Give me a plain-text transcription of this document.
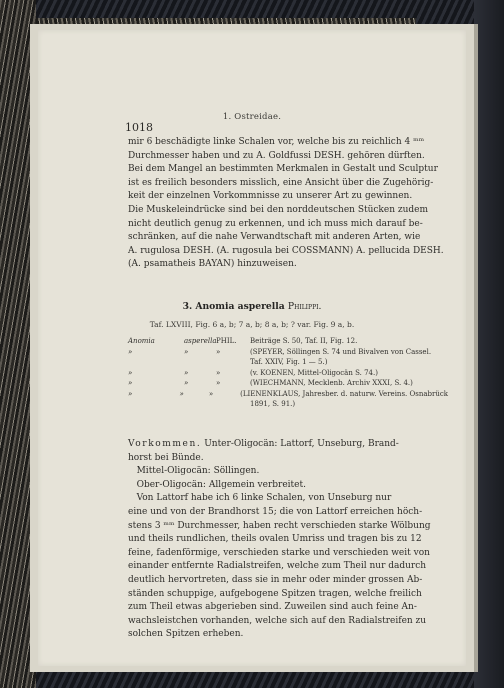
1. Ostreidae.
1018

mir 6 beschädigte linke Schalen vor, welche bis zu reichlich 4 ᵐᵐ

Durchmesser haben und zu A. Goldfussi DESH. gehören dürften.

Bei dem Mangel an bestimmten Merkmalen in Gestalt und Sculptur

ist es freilich besonders misslich, eine Ansicht über die Zugehörig-

keit der einzelnen Vorkommnisse zu unserer Art zu gewinnen.

Die Muskeleindrücke sind bei den norddeutschen Stücken zudem

nicht deutlich genug zu erkennen, und ich muss mich darauf be-

schränken, auf die nahe Verwandtschaft mit anderen Arten, wie

A. rugulosa DESH. (A. rugosula bei COSSMANN) A. pellucida DESH.

(A. psamatheis BAYAN) hinzuweisen.

3. Anomia asperella Philippi.
Taf. LXVIII, Fig. 6 a, b; 7 a, b; 8 a, b; ? var. Fig. 9 a, b.
Anomia	asperella PHIL.	Beiträge S. 50, Taf. II, Fig. 12.
»	»	»	(SPEYER, Söllingen S. 74 und Bivalven von Cassel.
Taf. XXIV, Fig. 1 — 5.)
»	»	»	(v. KOENEN, Mittel-Oligocän S. 74.)
»	»	»	(WIECHMANN, Mecklenb. Archiv XXXI, S. 4.)
»	»	»	(LIENENKLAUS, Jahresber. d. naturw. Vereins. Osnabrück
1891, S. 91.)

Vorkommen. Unter-Oligocän: Lattorf, Unseburg, Brand-

horst bei Bünde.

Mittel-Oligocän: Söllingen.

Ober-Oligocän: Allgemein verbreitet.

Von Lattorf habe ich 6 linke Schalen, von Unseburg nur

eine und von der Brandhorst 15; die von Lattorf erreichen höch-

stens 3 ᵐᵐ Durchmesser, haben recht verschieden starke Wölbung

und theils rundlichen, theils ovalen Umriss und tragen bis zu 12

feine, fadenförmige, verschieden starke und verschieden weit von

einander entfernte Radialstreifen, welche zum Theil nur dadurch

deutlich hervortreten, dass sie in mehr oder minder grossen Ab-

ständen schuppige, aufgebogene Spitzen tragen, welche freilich

zum Theil etwas abgerieben sind. Zuweilen sind auch feine An-

wachsleistchen vorhanden, welche sich auf den Radialstreifen zu

solchen Spitzen erheben.
